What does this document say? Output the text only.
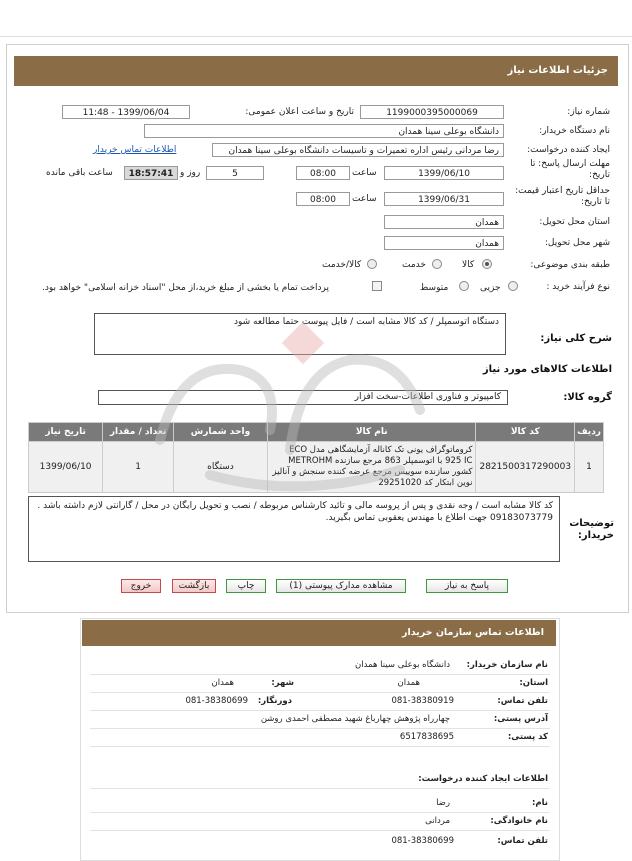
جزئیات اطلاعات نیاز
شماره نیاز:
1199000395000069
تاریخ و ساعت اعلان عمومی:
1399/06/04 - 11:48
نام دستگاه خریدار:
دانشگاه بوعلی سینا همدان
ایجاد کننده درخواست:
رضا مردانی رئیس اداره تعمیرات و تاسیسات دانشگاه بوعلی سینا همدان
اطلاعات تماس خریدار
مهلت ارسال پاسخ: تا تاریخ:
1399/06/10
ساعت
08:00
5
روز و
18:57:41
ساعت باقی مانده
حداقل تاریخ اعتبار قیمت: تا تاریخ:
1399/06/31
ساعت
08:00
استان محل تحویل:
همدان
شهر محل تحویل:
همدان
طبقه بندی موضوعی:
کالا
خدمت
کالا/خدمت
نوع فرآیند خرید :
جزیی
متوسط
پرداخت تمام یا بخشی از مبلغ خرید،از محل "اسناد خزانه اسلامی" خواهد بود.
شرح کلی نیاز:
دستگاه اتوسمپلر / کد کالا مشابه است / فایل پیوست حتما مطالعه شود
اطلاعات کالاهای مورد نیاز
گروه کالا:
کامپیوتر و فناوری اطلاعات-سخت افزار
ردیف	کد کالا	نام کالا	واحد شمارش	تعداد / مقدار	تاریخ نیاز
1	2821500317290003	کروماتوگراف یونی تک کاناله آزمایشگاهی مدل ECO 925 IC با اتوسمپلر 863 مرجع سازنده METROHM کشور سازنده سوییس مرجع عرضه کننده سنجش و آنالیز نوین ابتکار کد 29251020	دستگاه	1	1399/06/10
توضیحات خریدار:
کد کالا مشابه است / وجه نقدی و پس از پروسه مالی و تائید کارشناس مربوطه / نصب و تحویل رایگان در محل / گارانتی لازم داشته باشد . 09183073779 جهت اطلاع با مهندس یعقوبی تماس بگیرید.
پاسخ به نیاز
مشاهده مدارک پیوستی (1)
چاپ
بازگشت
خروج
اطلاعات تماس سازمان خریدار
نام سازمان خریدار:
دانشگاه بوعلی سینا همدان
استان:
همدان
شهر:
همدان
تلفن تماس:
081-38380919
دورنگار:
081-38380699
آدرس پستی:
چهارراه پژوهش چهارباغ شهید مصطفی احمدی روشن
کد پستی:
6517838695
اطلاعات ایجاد کننده درخواست:
نام:
رضا
نام خانوادگی:
مردانی
تلفن تماس:
081-38380699
